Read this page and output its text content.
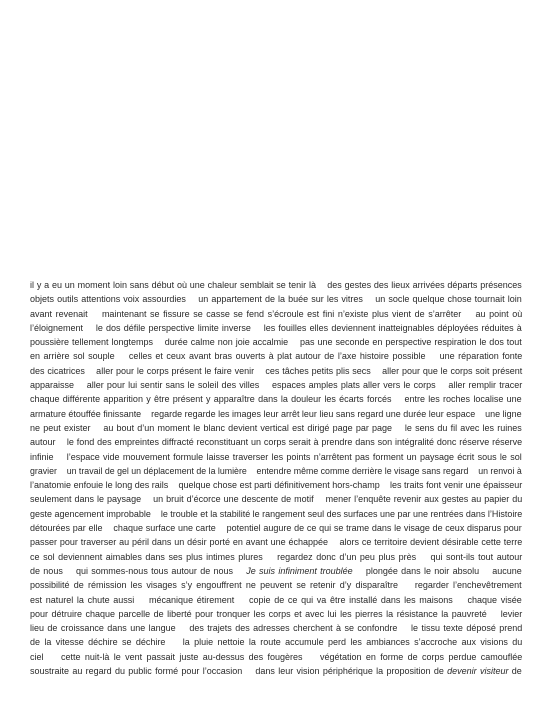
il y a eu un moment loin sans début où une chaleur semblait se tenir là    des gestes des lieux arrivées départs présences
objets outils attentions voix assourdies    un appartement de la buée sur les vitres    un socle quelque chose tournait loin
avant revenait    maintenant se fissure se casse se fend s’écroule est fini n’existe plus vient de s’arrêter    au point où
l’éloignement    le dos défile perspective limite inverse    les fouilles elles deviennent inatteignables déployées réduites à
poussière tellement longtemps    durée calme non joie accalmie    pas une seconde en perspective respiration le dos tout
en arrière sol souple    celles et ceux avant bras ouverts à plat autour de l’axe histoire possible    une réparation fonte
des cicatrices    aller pour le corps présent le faire venir    ces tâches petits plis secs    aller pour que le corps soit présent
apparaisse    aller pour lui sentir sans le soleil des villes    espaces amples plats aller vers le corps    aller remplir tracer
chaque différente apparition y être présent y apparaître dans la douleur les écarts forcés    entre les roches localise une
armature étouffée finissante    regarde regarde les images leur arrêt leur lieu sans regard une durée leur espace    une ligne
ne peut exister    au bout d’un moment le blanc devient vertical est dirigé page par page    le sens du fil avec les ruines
autour    le fond des empreintes diffracté reconstituant un corps serait à prendre dans son intégralité donc réserve réserve
infinie    l’espace vide mouvement formule laisse traverser les points n’arrêtent pas forment un paysage écrit sous le sol
gravier    un travail de gel un déplacement de la lumière    entendre même comme derrière le visage sans regard    un renvoi à
l’anatomie enfouie le long des rails    quelque chose est parti définitivement hors-champ    les traits font venir une épaisseur
seulement dans le paysage    un bruit d’écorce une descente de motif    mener l’enquête revenir aux gestes au papier du
geste agencement improbable    le trouble et la stabilité le rangement seul des surfaces une par une rentrées dans l’Histoire
détourées par elle    chaque surface une carte    potentiel augure de ce qui se trame dans le visage de ceux disparus pour
passer pour traverser au péril dans un désir porté en avant une échappée    alors ce territoire devient désirable cette terre
ce sol deviennent aimables dans ses plus intimes plures    regardez donc d’un peu plus près    qui sont-ils tout autour
de nous    qui sommes-nous tous autour de nous    Je suis infiniment troublée    plongée dans le noir absolu    aucune
possibilité de rémission les visages s’y engouffrent ne peuvent se retenir d’y disparaître    regarder l’enchevêtrement
est naturel la chute aussi    mécanique étirement    copie de ce qui va être installé dans les maisons    chaque visée
pour détruire chaque parcelle de liberté pour tronquer les corps et avec lui les pierres la résistance la pauvreté    levier
lieu de croissance dans une langue    des trajets des adresses cherchent à se confondre    le tissu texte déposé prend
de la vitesse déchire se déchire    la pluie nettoie la route accumule perd les ambiances s’accroche aux visions du
ciel    cette nuit-là le vent passait juste au-dessus des fougères    végétation en forme de corps perdue camouflée
soustraite au regard du public formé pour l’occasion    dans leur vision périphérique la proposition de devenir visiteur de
